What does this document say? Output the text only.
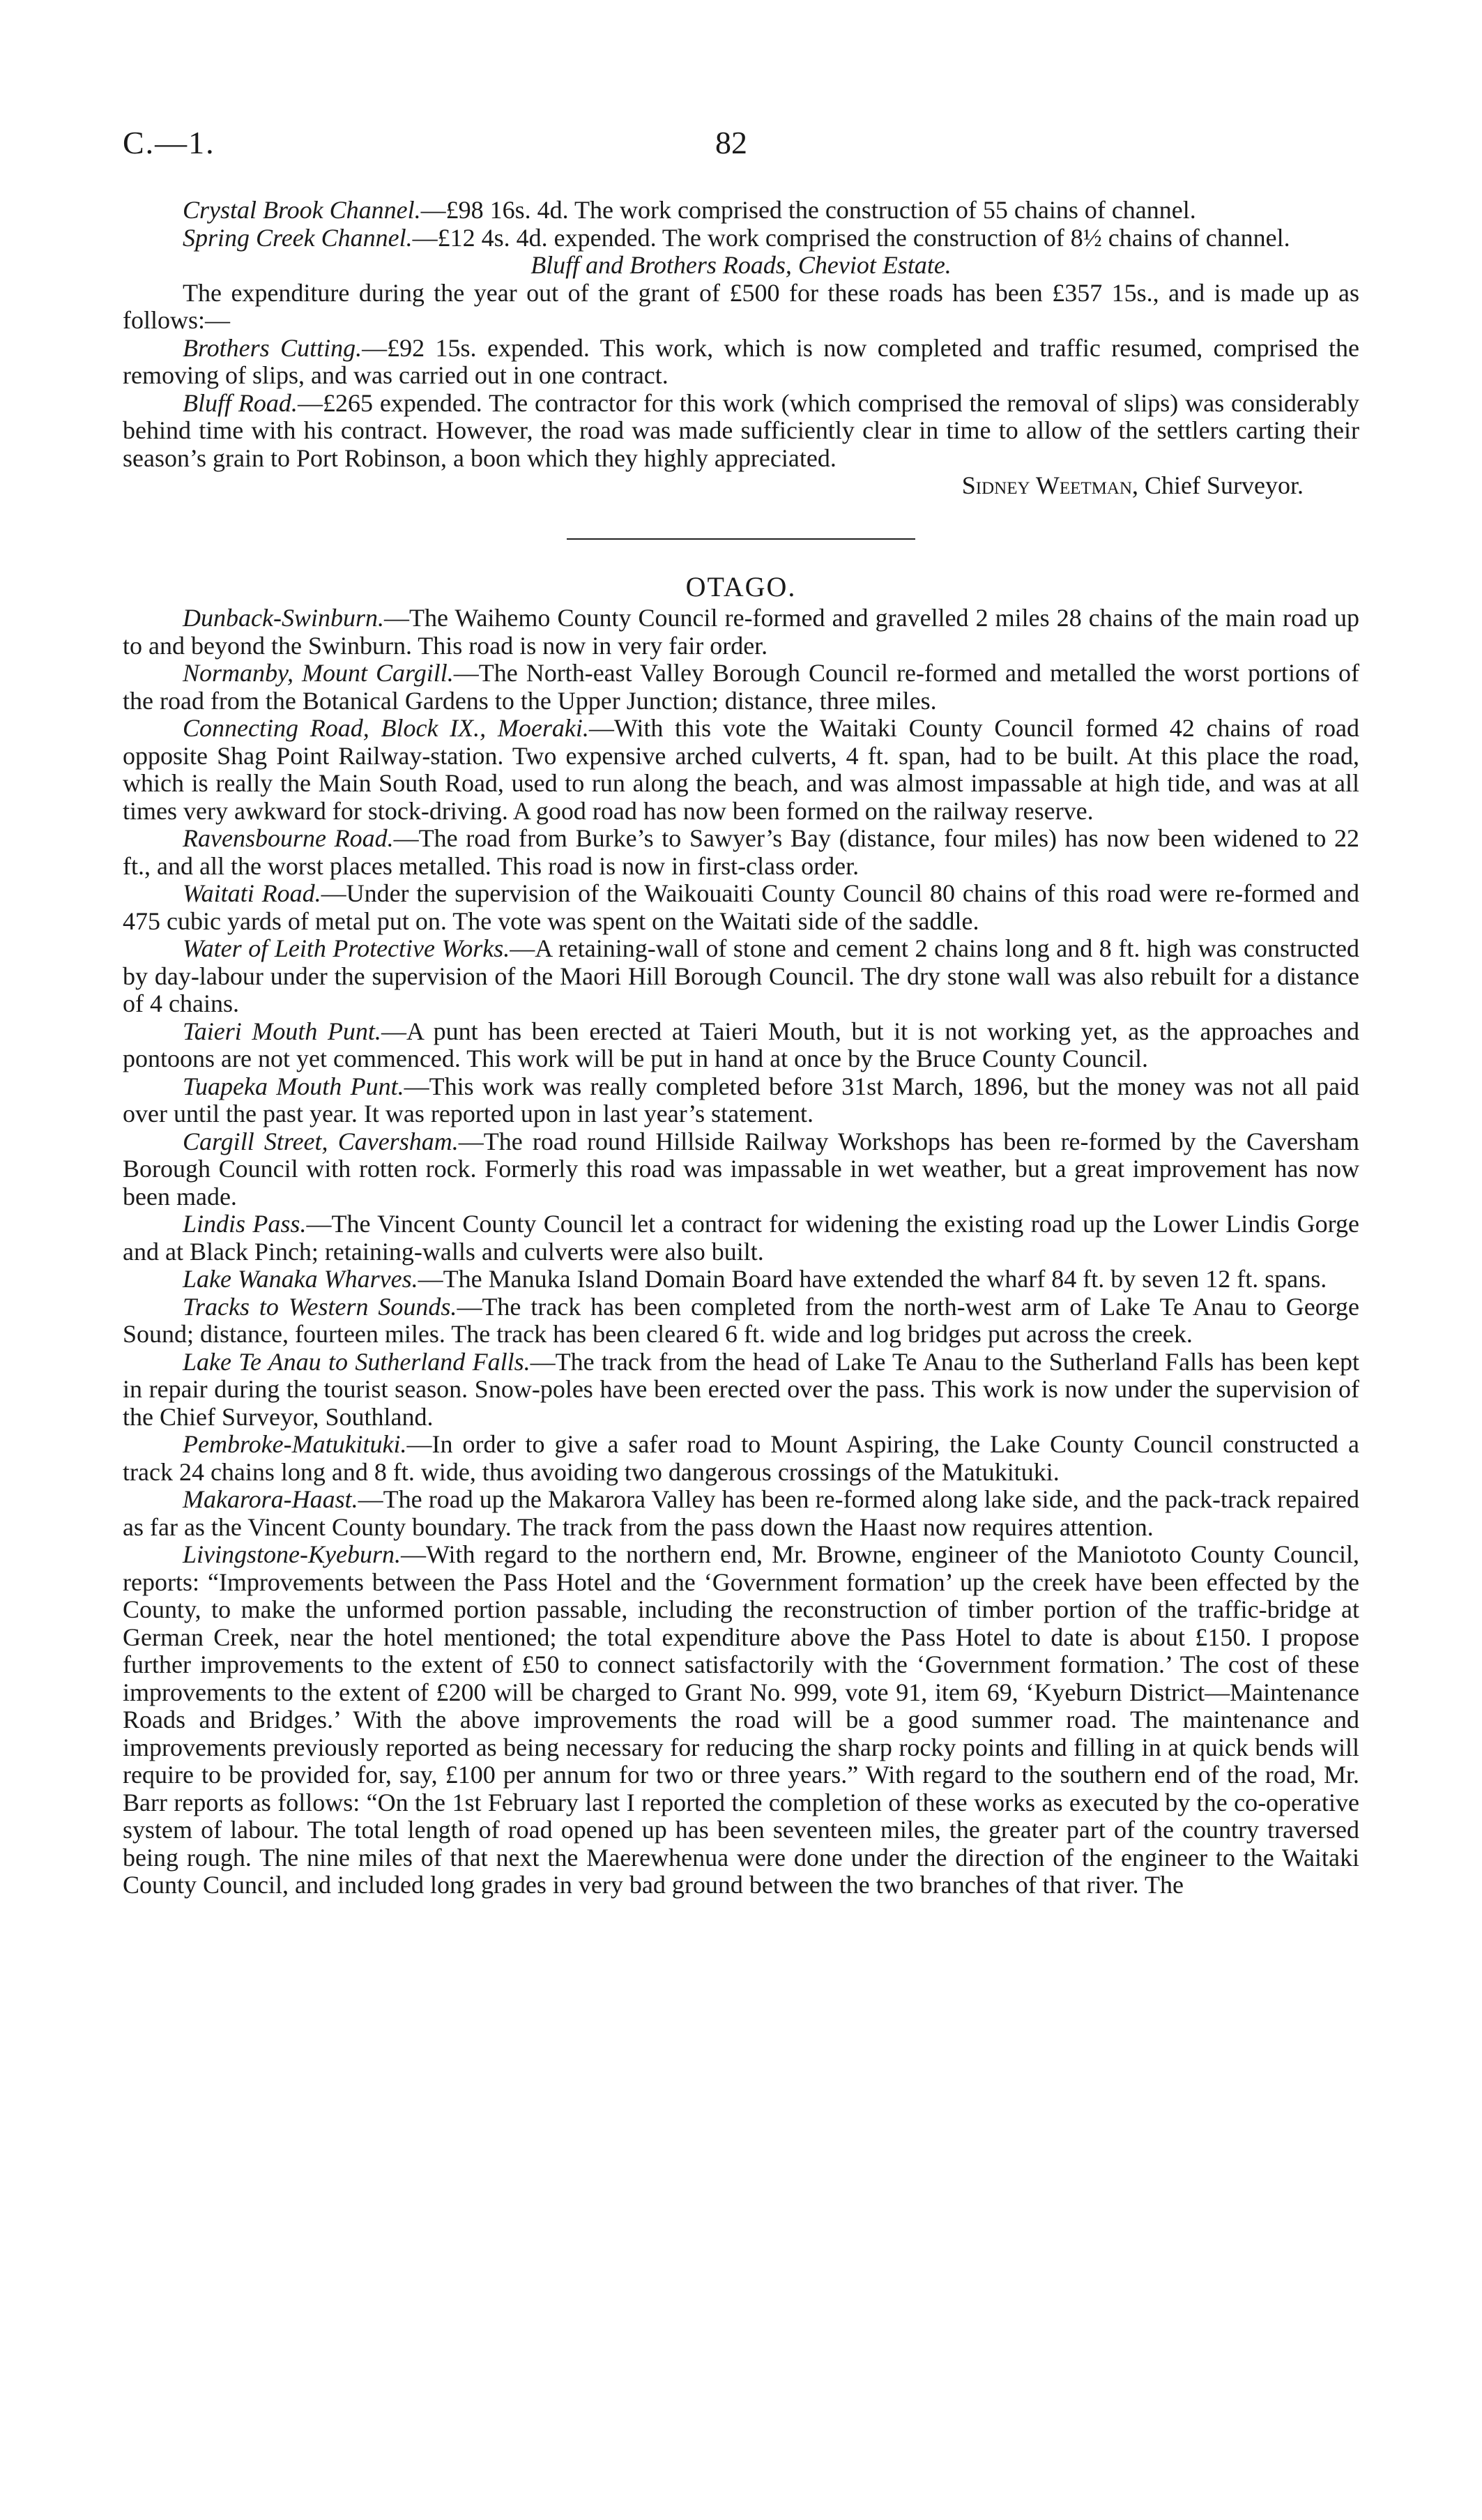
C.—1.	82

Crystal Brook Channel.—£98 16s. 4d. The work comprised the construction of 55 chains of channel.

Spring Creek Channel.—£12 4s. 4d. expended. The work comprised the construction of 8½ chains of channel.

Bluff and Brothers Roads, Cheviot Estate.

The expenditure during the year out of the grant of £500 for these roads has been £357 15s., and is made up as follows:—

Brothers Cutting.—£92 15s. expended. This work, which is now completed and traffic resumed, comprised the removing of slips, and was carried out in one contract.

Bluff Road.—£265 expended. The contractor for this work (which comprised the removal of slips) was considerably behind time with his contract. However, the road was made sufficiently clear in time to allow of the settlers carting their season’s grain to Port Robinson, a boon which they highly appreciated.

Sidney Weetman, Chief Surveyor.

OTAGO.

Dunback-Swinburn.—The Waihemo County Council re-formed and gravelled 2 miles 28 chains of the main road up to and beyond the Swinburn. This road is now in very fair order.

Normanby, Mount Cargill.—The North-east Valley Borough Council re-formed and metalled the worst portions of the road from the Botanical Gardens to the Upper Junction; distance, three miles.

Connecting Road, Block IX., Moeraki.—With this vote the Waitaki County Council formed 42 chains of road opposite Shag Point Railway-station. Two expensive arched culverts, 4 ft. span, had to be built. At this place the road, which is really the Main South Road, used to run along the beach, and was almost impassable at high tide, and was at all times very awkward for stock-driving. A good road has now been formed on the railway reserve.

Ravensbourne Road.—The road from Burke’s to Sawyer’s Bay (distance, four miles) has now been widened to 22 ft., and all the worst places metalled. This road is now in first-class order.

Waitati Road.—Under the supervision of the Waikouaiti County Council 80 chains of this road were re-formed and 475 cubic yards of metal put on. The vote was spent on the Waitati side of the saddle.

Water of Leith Protective Works.—A retaining-wall of stone and cement 2 chains long and 8 ft. high was constructed by day-labour under the supervision of the Maori Hill Borough Council. The dry stone wall was also rebuilt for a distance of 4 chains.

Taieri Mouth Punt.—A punt has been erected at Taieri Mouth, but it is not working yet, as the approaches and pontoons are not yet commenced. This work will be put in hand at once by the Bruce County Council.

Tuapeka Mouth Punt.—This work was really completed before 31st March, 1896, but the money was not all paid over until the past year. It was reported upon in last year’s statement.

Cargill Street, Caversham.—The road round Hillside Railway Workshops has been re-formed by the Caversham Borough Council with rotten rock. Formerly this road was impassable in wet weather, but a great improvement has now been made.

Lindis Pass.—The Vincent County Council let a contract for widening the existing road up the Lower Lindis Gorge and at Black Pinch; retaining-walls and culverts were also built.

Lake Wanaka Wharves.—The Manuka Island Domain Board have extended the wharf 84 ft. by seven 12 ft. spans.

Tracks to Western Sounds.—The track has been completed from the north-west arm of Lake Te Anau to George Sound; distance, fourteen miles. The track has been cleared 6 ft. wide and log bridges put across the creek.

Lake Te Anau to Sutherland Falls.—The track from the head of Lake Te Anau to the Sutherland Falls has been kept in repair during the tourist season. Snow-poles have been erected over the pass. This work is now under the supervision of the Chief Surveyor, Southland.

Pembroke-Matukituki.—In order to give a safer road to Mount Aspiring, the Lake County Council constructed a track 24 chains long and 8 ft. wide, thus avoiding two dangerous crossings of the Matukituki.

Makarora-Haast.—The road up the Makarora Valley has been re-formed along lake side, and the pack-track repaired as far as the Vincent County boundary. The track from the pass down the Haast now requires attention.

Livingstone-Kyeburn.—With regard to the northern end, Mr. Browne, engineer of the Maniototo County Council, reports: “Improvements between the Pass Hotel and the ‘Government formation’ up the creek have been effected by the County, to make the unformed portion passable, including the reconstruction of timber portion of the traffic-bridge at German Creek, near the hotel mentioned; the total expenditure above the Pass Hotel to date is about £150. I propose further improvements to the extent of £50 to connect satisfactorily with the ‘Government formation.’ The cost of these improvements to the extent of £200 will be charged to Grant No. 999, vote 91, item 69, ‘Kyeburn District—Maintenance Roads and Bridges.’ With the above improvements the road will be a good summer road. The maintenance and improvements previously reported as being necessary for reducing the sharp rocky points and filling in at quick bends will require to be provided for, say, £100 per annum for two or three years.” With regard to the southern end of the road, Mr. Barr reports as follows: “On the 1st February last I reported the completion of these works as executed by the co-operative system of labour. The total length of road opened up has been seventeen miles, the greater part of the country traversed being rough. The nine miles of that next the Maerewhenua were done under the direction of the engineer to the Waitaki County Council, and included long grades in very bad ground between the two branches of that river. The
